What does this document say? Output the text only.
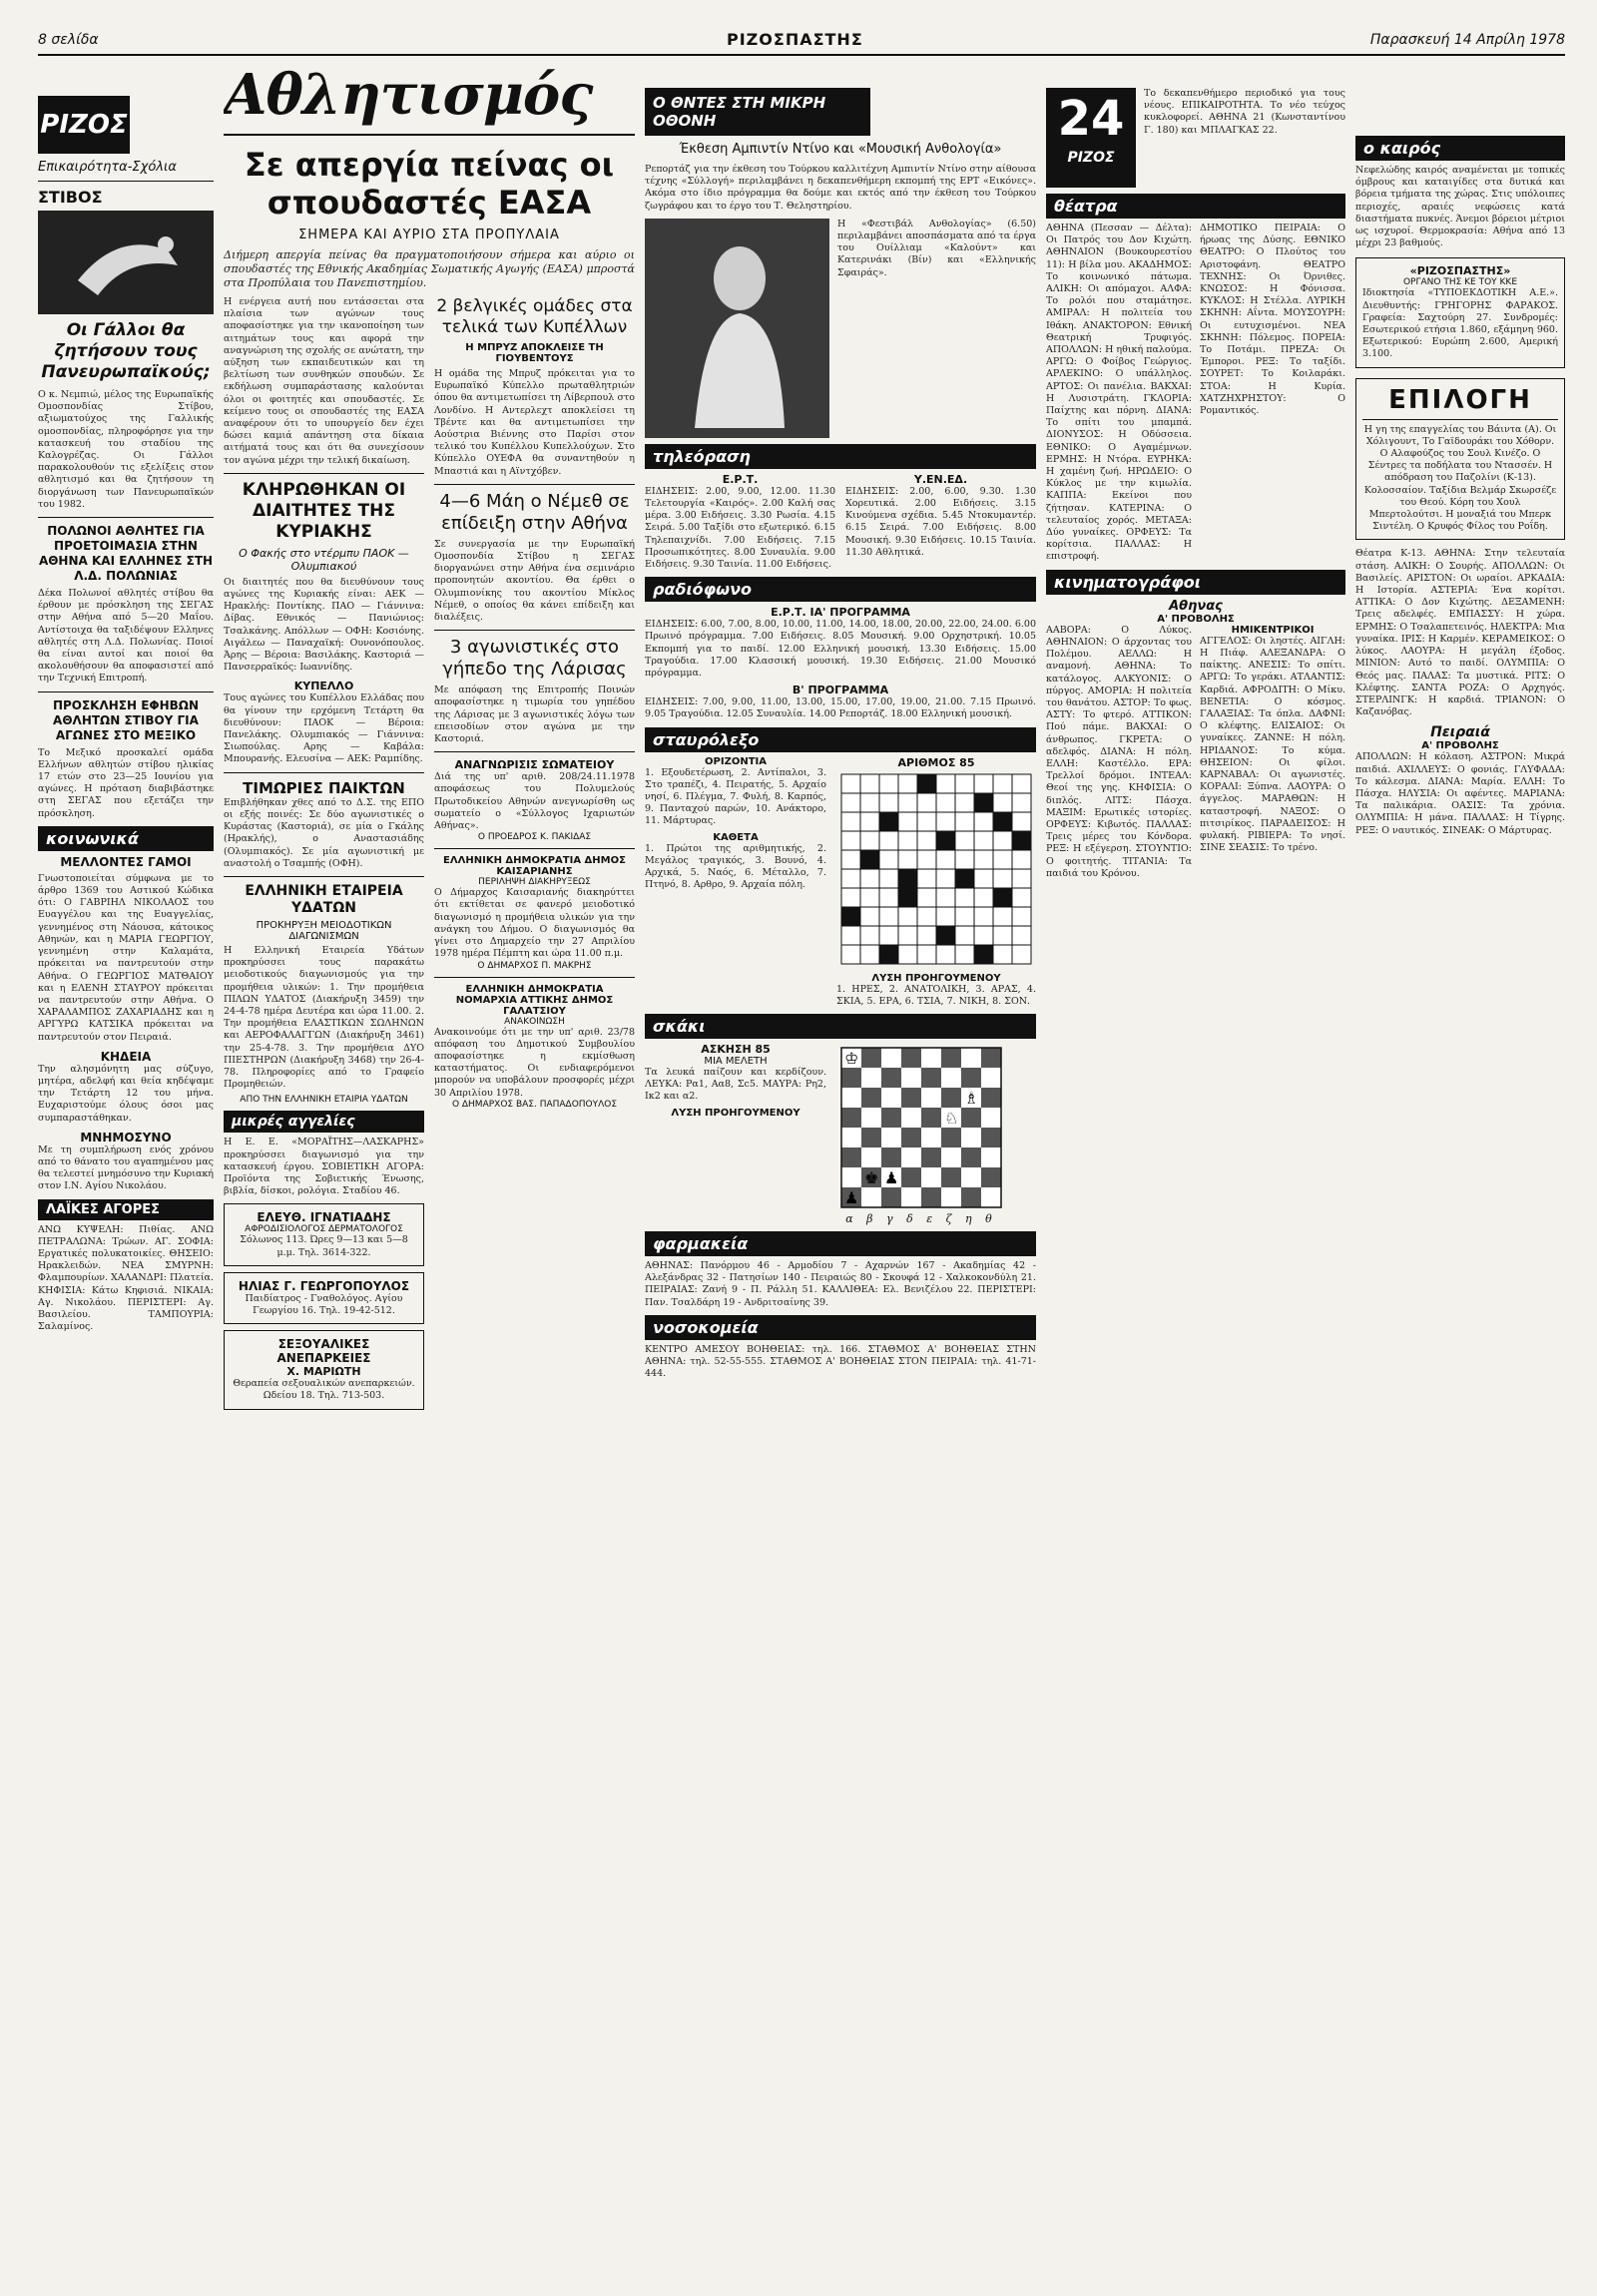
8 σελίδα	ΡΙΖΟΣΠΑΣΤΗΣ	Παρασκευή 14 Απρίλη 1978
ΡΙΖΟΣ
Επικαιρότητα-Σχόλια
ΣΤΙΒΟΣ
Οι Γάλλοι θα ζητήσουν τους Πανευρωπαϊκούς;
Ο κ. Νεμπιώ, μέλος της Ευρωπαϊκής Ομοσπονδίας Στίβου, αξιωματούχος της Γαλλικής ομοσπονδίας, πληροφόρησε για την κατασκευή του σταδίου της Καλογρέζας. Οι Γάλλοι παρακολουθούν τις εξελίξεις στον αθλητισμό και θα ζητήσουν τη διοργάνωση των Πανευρωπαϊκών του 1982.
ΠΟΛΩΝΟΙ ΑΘΛΗΤΕΣ ΓΙΑ ΠΡΟΕΤΟΙΜΑΣΙΑ ΣΤΗΝ ΑΘΗΝΑ ΚΑΙ ΕΛΛΗΝΕΣ ΣΤΗ Λ.Δ. ΠΟΛΩΝΙΑΣ
Δέκα Πολωνοί αθλητές στίβου θα έρθουν με πρόσκληση της ΣΕΓΑΣ στην Αθήνα από 5—20 Μαΐου. Αντίστοιχα θα ταξιδέψουν Ελληνες αθλητές στη Λ.Δ. Πολωνίας. Ποιοί θα είναι αυτοί και ποιοί θα ακολουθήσουν θα αποφασιστεί από την Τεχνική Επιτροπή.
ΠΡΟΣΚΛΗΣΗ ΕΦΗΒΩΝ ΑΘΛΗΤΩΝ ΣΤΙΒΟΥ ΓΙΑ ΑΓΩΝΕΣ ΣΤΟ ΜΕΞΙΚΟ
Το Μεξικό προσκαλεί ομάδα Ελλήνων αθλητών στίβου ηλικίας 17 ετών στο 23—25 Ιουνίου για αγώνες. Η πρόταση διαβιβάστηκε στη ΣΕΓΑΣ που εξετάζει την πρόσκληση.
κοινωνικά
ΜΕΛΛΟΝΤΕΣ ΓΑΜΟΙ
Γνωστοποιείται σύμφωνα με το άρθρο 1369 του Αστικού Κώδικα ότι: Ο ΓΑΒΡΙΗΛ ΝΙΚΟΛΑΟΣ του Ευαγγέλου και της Ευαγγελίας, γεννημένος στη Νάουσα, κάτοικος Αθηνών, και η ΜΑΡΙΑ ΓΕΩΡΓΙΟΥ, γεννημένη στην Καλαμάτα, πρόκειται να παντρευτούν στην Αθήνα. Ο ΓΕΩΡΓΙΟΣ ΜΑΤΘΑΙΟΥ και η ΕΛΕΝΗ ΣΤΑΥΡΟΥ πρόκειται να παντρευτούν στην Αθήνα. Ο ΧΑΡΑΛΑΜΠΟΣ ΖΑΧΑΡΙΑΔΗΣ και η ΑΡΓΥΡΩ ΚΑΤΣΙΚΑ πρόκειται να παντρευτούν στον Πειραιά.
ΚΗΔΕΙΑ
Την αλησμόνητη μας σύζυγο, μητέρα, αδελφή και θεία κηδέψαμε την Τετάρτη 12 του μήνα. Ευχαριστούμε όλους όσοι μας συμπαραστάθηκαν.
ΜΝΗΜΟΣΥΝΟ
Με τη συμπλήρωση ενός χρόνου από το θάνατο του αγαπημένου μας θα τελεστεί μνημόσυνο την Κυριακή στον Ι.Ν. Αγίου Νικολάου.
ΛΑΪΚΕΣ ΑΓΟΡΕΣ
ΑΝΩ ΚΥΨΕΛΗ: Πιθίας. ΑΝΩ ΠΕΤΡΑΛΩΝΑ: Τρώων. ΑΓ. ΣΟΦΙΑ: Εργατικές πολυκατοικίες. ΘΗΣΕΙΟ: Ηρακλειδών. ΝΕΑ ΣΜΥΡΝΗ: Φλαμπουρίων. ΧΑΛΑΝΔΡΙ: Πλατεία. ΚΗΦΙΣΙΑ: Κάτω Κηφισιά. ΝΙΚΑΙΑ: Αγ. Νικολάου. ΠΕΡΙΣΤΕΡΙ: Αγ. Βασιλείου. ΤΑΜΠΟΥΡΙΑ: Σαλαμίνος.
Αθλητισμός
Σε απεργία πείνας οι σπουδαστές ΕΑΣΑ
ΣΗΜΕΡΑ ΚΑΙ ΑΥΡΙΟ ΣΤΑ ΠΡΟΠΥΛΑΙΑ
Διήμερη απεργία πείνας θα πραγματοποιήσουν σήμερα και αύριο οι σπουδαστές της Εθνικής Ακαδημίας Σωματικής Αγωγής (ΕΑΣΑ) μπροστά στα Προπύλαια του Πανεπιστημίου.
Η ενέργεια αυτή που εντάσσεται στα πλαίσια των αγώνων τους αποφασίστηκε για την ικανοποίηση των αιτημάτων τους και αφορά την αναγνώριση της σχολής σε ανώτατη, την αύξηση των εκπαιδευτικών και τη βελτίωση των συνθηκών σπουδών. Σε εκδήλωση συμπαράστασης καλούνται όλοι οι φοιτητές και σπουδαστές. Σε κείμενο τους οι σπουδαστές της ΕΑΣΑ αναφέρουν ότι το υπουργείο δεν έχει δώσει καμιά απάντηση στα δίκαια αιτήματά τους και ότι θα συνεχίσουν τον αγώνα μέχρι την τελική δικαίωση.
ΚΛΗΡΩΘΗΚΑΝ ΟΙ ΔΙΑΙΤΗΤΕΣ ΤΗΣ ΚΥΡΙΑΚΗΣ
Ο Φακής στο ντέρμπυ ΠΑΟΚ — Ολυμπιακού
Οι διαιτητές που θα διευθύνουν τους αγώνες της Κυριακής είναι: ΑΕΚ — Ηρακλής: Ποντίκης. ΠΑΟ — Γιάννινα: Δίβας. Εθνικός — Πανιώνιος: Τσαλκάνης. Απόλλων — ΟΦΗ: Κοσιόνης. Αιγάλεω — Παναχαϊκή: Ουνονόπουλος. Άρης — Βέροια: Βασιλάκης. Καστοριά — Πανσερραϊκός: Ιωαννίδης.
ΚΥΠΕΛΛΟ
Τους αγώνες του Κυπέλλου Ελλάδας που θα γίνουν την ερχόμενη Τετάρτη θα διευθύνουν: ΠΑΟΚ — Βέροια: Πανελάκης. Ολυμπιακός — Γιάννινα: Σιωπούλας. Αρης — Καβάλα: Μπουρανής. Ελευσίνα — ΑΕΚ: Ραμπίδης.
ΤΙΜΩΡΙΕΣ ΠΑΙΚΤΩΝ
Επιβλήθηκαν χθες από το Δ.Σ. της ΕΠΟ οι εξής ποινές: Σε δύο αγωνιστικές ο Κυράστας (Καστοριά), σε μία ο Γκάλης (Ηρακλής), ο Αναστασιάδης (Ολυμπιακός). Σε μία αγωνιστική με αναστολή ο Τσαμπής (ΟΦΗ).
ΕΛΛΗΝΙΚΗ ΕΤΑΙΡΕΙΑ ΥΔΑΤΩΝ
ΠΡΟΚΗΡΥΞΗ ΜΕΙΟΔΟΤΙΚΩΝ ΔΙΑΓΩΝΙΣΜΩΝ
Η Ελληνική Εταιρεία Υδάτων προκηρύσσει τους παρακάτω μειοδοτικούς διαγωνισμούς για την προμήθεια υλικών: 1. Την προμήθεια ΠΙΛΩΝ ΥΔΑΤΟΣ (Διακήρυξη 3459) την 24-4-78 ημέρα Δευτέρα και ώρα 11.00. 2. Την προμήθεια ΕΛΑΣΤΙΚΩΝ ΣΩΛΗΝΩΝ και ΑΕΡΟΦΑΛΑΓΓΩΝ (Διακήρυξη 3461) την 25-4-78. 3. Την προμήθεια ΔΥΟ ΠΙΕΣΤΗΡΩΝ (Διακήρυξη 3468) την 26-4-78. Πληροφορίες από το Γραφείο Προμηθειών.
ΑΠΟ ΤΗΝ ΕΛΛΗΝΙΚΗ ΕΤΑΙΡΙΑ ΥΔΑΤΩΝ
μικρές αγγελίες
Η Ε. Ε. «ΜΟΡΑΪΤΗΣ—ΛΑΣΚΑΡΗΣ» προκηρύσσει διαγωνισμό για την κατασκευή έργου. ΣΟΒΙΕΤΙΚΗ ΑΓΟΡΑ: Προϊόντα της Σοβιετικής Ένωσης, βιβλία, δίσκοι, ρολόγια. Σταδίου 46.
ΕΛΕΥΘ. ΙΓΝΑΤΙΑΔΗΣ
ΑΦΡΟΔΙΣΙΟΛΟΓΟΣ ΔΕΡΜΑΤΟΛΟΓΟΣ
Σόλωνος 113. Ώρες 9—13 και 5—8 μ.μ. Τηλ. 3614-322.
ΗΛΙΑΣ Γ. ΓΕΩΡΓΟΠΟΥΛΟΣ
Παιδίατρος - Γναθολόγος. Αγίου Γεωργίου 16. Τηλ. 19-42-512.
ΣΕΞΟΥΑΛΙΚΕΣ ΑΝΕΠΑΡΚΕΙΕΣ
Χ. ΜΑΡΙΩΤΗ
Θεραπεία σεξουαλικών ανεπαρκειών. Ωδείου 18. Τηλ. 713-503.
2 βελγικές ομάδες στα τελικά των Κυπέλλων
Η ΜΠΡΥΖ ΑΠΟΚΛΕΙΣΕ ΤΗ ΓΙΟΥΒΕΝΤΟΥΣ
Η ομάδα της Μπρυζ πρόκειται για το Ευρωπαϊκό Κύπελλο πρωταθλητριών όπου θα αντιμετωπίσει τη Λίβερπουλ στο Λονδίνο. Η Αντερλεχτ αποκλείσει τη Τβέντε και θα αντιμετωπίσει την Αούστρια Βιέννης στο Παρίσι στον τελικό του Κυπέλλου Κυπελλούχων. Στο Κύπελλο ΟΥΕΦΑ θα συναντηθούν η Μπαστιά και η Αϊντχόβεν.
4—6 Μάη ο Νέμεθ σε επίδειξη στην Αθήνα
Σε συνεργασία με την Ευρωπαϊκή Ομοσπονδία Στίβου η ΣΕΓΑΣ διοργανώνει στην Αθήνα ένα σεμινάριο προπονητών ακοντίου. Θα έρθει ο Ολυμπιονίκης του ακοντίου Μίκλος Νέμεθ, ο οποίος θα κάνει επίδειξη και διαλέξεις.
3 αγωνιστικές στο γήπεδο της Λάρισας
Με απόφαση της Επιτροπής Ποινών αποφασίστηκε η τιμωρία του γηπέδου της Λάρισας με 3 αγωνιστικές λόγω των επεισοδίων στον αγώνα με την Καστοριά.
ΑΝΑΓΝΩΡΙΣΙΣ ΣΩΜΑΤΕΙΟΥ
Διά της υπ' αριθ. 208/24.11.1978 αποφάσεως του Πολυμελούς Πρωτοδικείου Αθηνών ανεγνωρίσθη ως σωματείο ο «Σύλλογος Ιχαριωτών Αθήνας».
Ο ΠΡΟΕΔΡΟΣ Κ. ΠΑΚΙΔΑΣ
ΕΛΛΗΝΙΚΗ ΔΗΜΟΚΡΑΤΙΑ ΔΗΜΟΣ ΚΑΙΣΑΡΙΑΝΗΣ
ΠΕΡΙΛΗΨΗ ΔΙΑΚΗΡΥΞΕΩΣ
Ο Δήμαρχος Καισαριανής διακηρύττει ότι εκτίθεται σε φανερό μειοδοτικό διαγωνισμό η προμήθεια υλικών για την ανάγκη του Δήμου. Ο διαγωνισμός θα γίνει στο Δημαρχείο την 27 Απριλίου 1978 ημέρα Πέμπτη και ώρα 11.00 π.μ.
Ο ΔΗΜΑΡΧΟΣ Π. ΜΑΚΡΗΣ
ΕΛΛΗΝΙΚΗ ΔΗΜΟΚΡΑΤΙΑ ΝΟΜΑΡΧΙΑ ΑΤΤΙΚΗΣ ΔΗΜΟΣ ΓΑΛΑΤΣΙΟΥ
ΑΝΑΚΟΙΝΩΣΗ
Ανακοινούμε ότι με την υπ' αριθ. 23/78 απόφαση του Δημοτικού Συμβουλίου αποφασίστηκε η εκμίσθωση καταστήματος. Οι ενδιαφερόμενοι μπορούν να υποβάλουν προσφορές μέχρι 30 Απριλίου 1978.
Ο ΔΗΜΑΡΧΟΣ ΒΑΣ. ΠΑΠΑΔΟΠΟΥΛΟΣ
Ο ΘΝΤΕΣ ΣΤΗ ΜΙΚΡΗ ΟΘΟΝΗ
Έκθεση Αμπιντίν Ντίνο και «Μουσική Ανθολογία»
Ρεπορτάζ για την έκθεση του Τούρκου καλλιτέχνη Αμπιντίν Ντίνο στην αίθουσα τέχνης «Σύλλογή» περιλαμβάνει η δεκαπενθήμερη εκπομπή της ΕΡΤ «Εικόνες». Ακόμα στο ίδιο πρόγραμμα θα δούμε και εκτός από την έκθεση του Τούρκου ζωγράφου και το έργο του Τ. Θεληστηρίου.
Η «Φεστιβάλ Ανθολογίας» (6.50) περιλαμβάνει αποσπάσματα από τα έργα του Ουίλλιαμ «Καλούντ» και Κατερινάκι (Βίν) και «Ελληνικής Σφαιράς».
τηλεόραση
Ε.Ρ.Τ.
ΕΙΔΗΣΕΙΣ: 2.00, 9.00, 12.00. 11.30 Τελετουργία «Καιρός». 2.00 Καλή σας μέρα. 3.00 Ειδήσεις. 3.30 Ρωσία. 4.15 Σειρά. 5.00 Ταξίδι στο εξωτερικό. 6.15 Τηλεπαιχνίδι. 7.00 Ειδήσεις. 7.15 Προσωπικότητες. 8.00 Συναυλία. 9.00 Ειδήσεις. 9.30 Ταινία. 11.00 Ειδήσεις.
Υ.ΕΝ.ΕΔ.
ΕΙΔΗΣΕΙΣ: 2.00, 6.00, 9.30. 1.30 Χορευτικά. 2.00 Ειδήσεις. 3.15 Κινούμενα σχέδια. 5.45 Ντοκυμαντέρ. 6.15 Σειρά. 7.00 Ειδήσεις. 8.00 Μουσική. 9.30 Ειδήσεις. 10.15 Ταινία. 11.30 Αθλητικά.
ραδιόφωνο
Ε.Ρ.Τ. ΙΑ' ΠΡΟΓΡΑΜΜΑ
ΕΙΔΗΣΕΙΣ: 6.00, 7.00, 8.00, 10.00, 11.00, 14.00, 18.00, 20.00, 22.00, 24.00. 6.00 Πρωινό πρόγραμμα. 7.00 Ειδήσεις. 8.05 Μουσική. 9.00 Ορχηστρική. 10.05 Εκπομπή για το παιδί. 12.00 Ελληνική μουσική. 13.30 Ειδήσεις. 15.00 Τραγούδια. 17.00 Κλασσική μουσική. 19.30 Ειδήσεις. 21.00 Μουσικό πρόγραμμα.
Β' ΠΡΟΓΡΑΜΜΑ
ΕΙΔΗΣΕΙΣ: 7.00, 9.00, 11.00, 13.00, 15.00, 17.00, 19.00, 21.00. 7.15 Πρωινό. 9.05 Τραγούδια. 12.05 Συναυλία. 14.00 Ρεπορτάζ. 18.00 Ελληνική μουσική.
σταυρόλεξο
ΟΡΙΖΟΝΤΙΑ
1. Εξουδετέρωση, 2. Αντίπαλοι, 3. Στο τραπέζι, 4. Πειρατής, 5. Αρχαίο νησί, 6. Πλέγμα, 7. Φυλή, 8. Καρπός, 9. Πανταχού παρών, 10. Ανάκτορο, 11. Μάρτυρας.
ΚΑΘΕΤΑ
1. Πρώτοι της αριθμητικής, 2. Μεγάλος τραγικός, 3. Βουνό, 4. Αρχικά, 5. Ναός, 6. Μέταλλο, 7. Πτηνό, 8. Αρθρο, 9. Αρχαία πόλη.
ΑΡΙΘΜΟΣ 85
ΛΥΣΗ ΠΡΟΗΓΟΥΜΕΝΟΥ
1. ΗΡΕΣ, 2. ΑΝΑΤΟΛΙΚΗ, 3. ΑΡΑΣ, 4. ΣΚΙΑ, 5. ΕΡΑ, 6. ΤΣΙΑ, 7. ΝΙΚΗ, 8. ΣΟΝ.
σκάκι
ΑΣΚΗΣΗ 85
ΜΙΑ ΜΕΛΕΤΗ
Τα λευκά παίζουν και κερδίζουν. ΛΕΥΚΑ: Ρα1, Αα8, Σc5. ΜΑΥΡΑ: Ρη2, Ικ2 και α2.
ΛΥΣΗ ΠΡΟΗΓΟΥΜΕΝΟΥ
♔
♗
♘
♚ ♟
♟
α β γ δ ε ζ η θ
φαρμακεία
ΑΘΗΝΑΣ: Πανόρμου 46 - Αρμοδίου 7 - Αχαρνών 167 - Ακαδημίας 42 - Αλεξάνδρας 32 - Πατησίων 140 - Πειραιώς 80 - Σκουφά 12 - Χαλκοκονδύλη 21. ΠΕΙΡΑΙΑΣ: Ζανή 9 - Π. Ράλλη 51. ΚΑΛΛΙΘΕΑ: Ελ. Βενιζέλου 22. ΠΕΡΙΣΤΕΡΙ: Παν. Τσαλδάρη 19 - Ανδριτσαίνης 39.
νοσοκομεία
ΚΕΝΤΡΟ ΑΜΕΣΟΥ ΒΟΗΘΕΙΑΣ: τηλ. 166. ΣΤΑΘΜΟΣ Α' ΒΟΗΘΕΙΑΣ ΣΤΗΝ ΑΘΗΝΑ: τηλ. 52-55-555. ΣΤΑΘΜΟΣ Α' ΒΟΗΘΕΙΑΣ ΣΤΟΝ ΠΕΙΡΑΙΑ: τηλ. 41-71-444.
24
ΡΙΖΟΣ
Το δεκαπενθήμερο περιοδικό για τους νέους. ΕΠΙΚΑΙΡΟΤΗΤΑ. Το νέο τεύχος κυκλοφορεί. ΑΘΗΝΑ 21 (Κωνσταντίνου Γ. 180) και ΜΠΛΑΓΚΑΣ 22.
θέατρα
ΑΘΗΝΑ (Πεσσαν — Δέλτα): Οι Πατρός του Δον Κιχώτη. ΑΘΗΝΑΙΟΝ (Βουκουρεστίου 11): Η βίλα μου. ΑΚΑΔΗΜΟΣ: Το κοινωνικό πάτωμα. ΑΛΙΚΗ: Οι απόμαχοι. ΑΛΦΑ: Το ρολόι που σταμάτησε. ΑΜΙΡΑΛ: Η πολιτεία του Ιθάκη. ΑΝΑΚΤΟΡΟΝ: Εθνική Θεατρική Τρυφιγός. ΑΠΟΛΛΩΝ: Η ηθική παλούμα. ΑΡΓΩ: Ο Φοίβος Γεώργιος. ΑΡΛΕΚΙΝΟ: Ο υπάλληλος. ΑΡΤΟΣ: Οι πανέλια. ΒΑΚΧΑΙ: Η Λυσιστράτη. ΓΚΛΟΡΙΑ: Παίχτης και πόρνη. ΔΙΑΝΑ: Το σπίτι του μπαμπά. ΔΙΟΝΥΣΟΣ: Η Οδύσσεια. ΕΘΝΙΚΟ: Ο Αγαμέμνων. ΕΡΜΗΣ: Η Ντόρα. ΕΥΡΗΚΑ: Η χαμένη ζωή. ΗΡΩΔΕΙΟ: Ο Κύκλος με την κιμωλία. ΚΑΠΠΑ: Εκείνοι που ζήτησαν. ΚΑΤΕΡΙΝΑ: Ο τελευταίος χορός. ΜΕΤΑΞΑ: Δύο γυναίκες. ΟΡΦΕΥΣ: Τα κορίτσια. ΠΑΛΛΑΣ: Η επιστροφή.
ΔΗΜΟΤΙΚΟ ΠΕΙΡΑΙΑ: Ο ήρωας της Δύσης. ΕΘΝΙΚΟ ΘΕΑΤΡΟ: Ο Πλούτος του Αριστοφάνη. ΘΕΑΤΡΟ ΤΕΧΝΗΣ: Οι Όρνιθες. ΚΝΩΣΟΣ: Η Φόνισσα. ΚΥΚΛΟΣ: Η Στέλλα. ΛΥΡΙΚΗ ΣΚΗΝΗ: Αΐντα. ΜΟΥΣΟΥΡΗ: Οι ευτυχισμένοι. ΝΕΑ ΣΚΗΝΗ: Πόλεμος. ΠΟΡΕΙΑ: Το Ποτάμι. ΠΡΕΖΑ: Οι Έμποροι. ΡΕΞ: Το ταξίδι. ΣΟΥΡΕΤ: Το Κοιλαράκι. ΣΤΟΑ: Η Κυρία. ΧΑΤΖΗΧΡΗΣΤΟΥ: Ο Ρομαντικός.
κινηματογράφοι
Αθηνας
Α' ΠΡΟΒΟΛΗΣ
ΑΑΒΟΡΑ: Ο Λύκος. ΑΘΗΝΑΙΟΝ: Ο άρχοντας του Πολέμου. ΑΕΛΛΩ: Η αναμονή. ΑΘΗΝΑ: Το κατάλογος. ΑΛΚΥΟΝΙΣ: Ο πύργος. ΑΜΟΡΙΑ: Η πολιτεία του θανάτου. ΑΣΤΟΡ: Το φως. ΑΣΤΥ: Το φτερό. ΑΤΤΙΚΟΝ: Πού πάμε. ΒΑΚΧΑΙ: Ο άνθρωπος. ΓΚΡΕΤΑ: Ο αδελφός. ΔΙΑΝΑ: Η πόλη. ΕΛΛΗ: Καστέλλο. ΕΡΑ: Τρελλοί δρόμοι. ΙΝΤΕΑΛ: Θεοί της γης. ΚΗΦΙΣΙΑ: Ο διπλός. ΛΙΤΣ: Πάσχα. ΜΑΞΙΜ: Ερωτικές ιστορίες. ΟΡΦΕΥΣ: Κιβωτός. ΠΑΛΛΑΣ: Τρεις μέρες του Κόνδορα. ΡΕΞ: Η εξέγερση. ΣΤΟΥΝΤΙΟ: Ο φοιτητής. ΤΙΤΑΝΙΑ: Τα παιδιά του Κρόνου.
ΗΜΙΚΕΝΤΡΙΚΟΙ
ΑΓΓΕΛΟΣ: Οι ληστές. ΑΙΓΛΗ: Η Πιάφ. ΑΛΕΞΑΝΔΡΑ: Ο παίκτης. ΑΝΕΣΙΣ: Το σπίτι. ΑΡΓΩ: Το γεράκι. ΑΤΛΑΝΤΙΣ: Καρδιά. ΑΦΡΟΔΙΤΗ: Ο Μίκυ. ΒΕΝΕΤΙΑ: Ο κόσμος. ΓΑΛΑΞΙΑΣ: Τα όπλα. ΔΑΦΝΙ: Ο κλέφτης. ΕΛΙΣΑΙΟΣ: Οι γυναίκες. ΖΑΝΝΕ: Η πόλη. ΗΡΙΔΑΝΟΣ: Το κύμα. ΘΗΣΕΙΟΝ: Οι φίλοι. ΚΑΡΝΑΒΑΛ: Οι αγωνιστές. ΚΟΡΑΛΙ: Ξύπνα. ΛΑΟΥΡΑ: Ο άγγελος. ΜΑΡΑΘΩΝ: Η καταστροφή. ΝΑΞΟΣ: Ο πιτσιρίκος. ΠΑΡΑΔΕΙΣΟΣ: Η φυλακή. ΡΙΒΙΕΡΑ: Το νησί. ΣΙΝΕ ΣΕΑΣΙΣ: Το τρένο.
ο καιρός
Νεφελώδης καιρός αναμένεται με τοπικές όμβρους και καταιγίδες στα δυτικά και βόρεια τμήματα της χώρας. Στις υπόλοιπες περιοχές, αραιές νεφώσεις κατά διαστήματα πυκνές. Άνεμοι βόρειοι μέτριοι ως ισχυροί. Θερμοκρασία: Αθήνα από 13 μέχρι 23 βαθμούς.
«ΡΙΖΟΣΠΑΣΤΗΣ»
ΟΡΓΑΝΟ ΤΗΣ ΚΕ ΤΟΥ ΚΚΕ
Ιδιοκτησία «ΤΥΠΟΕΚΔΟΤΙΚΗ Α.Ε.». Διευθυντής: ΓΡΗΓΟΡΗΣ ΦΑΡΑΚΟΣ. Γραφεία: Σαχτούρη 27. Συνδρομές: Εσωτερικού ετήσια 1.860, εξάμηνη 960. Εξωτερικού: Ευρώπη 2.600, Αμερική 3.100.
ΕΠΙΛΟΓΗ
Η γη της επαγγελίας του Βάιντα (Α). Οι Χόλιγουντ, Το Γαϊδουράκι του Χόθορν. Ο Αλαφούζος του Σουλ Κινέζο. Ο Σέντρες τα ποδήλατα του Ντασσέν. Η απόδραση του Παζολίνι (Κ-13). Κολοσσαίον. Ταξίδια Βελμάρ Σκωρσέζε του Θεού. Κόρη του Χουλ Μπερτολούτσι. Η μοναξιά του Μπερκ Σιντέλη. Ο Κρυφός Φίλος του Ροΐδη.
Θέατρα Κ-13. ΑΘΗΝΑ: Στην τελευταία στάση. ΑΛΙΚΗ: Ο Σουρής. ΑΠΟΛΛΩΝ: Οι Βασιλείς. ΑΡΙΣΤΟΝ: Οι ωραίοι. ΑΡΚΑΔΙΑ: Η Ιστορία. ΑΣΤΕΡΙΑ: Ένα κορίτσι. ΑΤΤΙΚΑ: Ο Δον Κιχώτης. ΔΕΞΑΜΕΝΗ: Τρεις αδελφές. ΕΜΠΑΣΣΥ: Η χώρα. ΕΡΜΗΣ: Ο Τσαλαπετεινός. ΗΛΕΚΤΡΑ: Μια γυναίκα. ΙΡΙΣ: Η Καρμέν. ΚΕΡΑΜΕΙΚΟΣ: Ο λύκος. ΛΑΟΥΡΑ: Η μεγάλη έξοδος. ΜΙΝΙΟΝ: Αυτό το παιδί. ΟΛΥΜΠΙΑ: Ο Θεός μας. ΠΑΛΑΣ: Τα μυστικά. ΡΙΤΣ: Ο Κλέφτης. ΣΑΝΤΑ ΡΟΖΑ: Ο Αρχηγός. ΣΤΕΡΛΙΝΓΚ: Η καρδιά. ΤΡΙΑΝΟΝ: Ο Καζανόβας.
Πειραιά
Α' ΠΡΟΒΟΛΗΣ
ΑΠΟΛΛΩΝ: Η κόλαση. ΑΣΤΡΟΝ: Μικρά παιδιά. ΑΧΙΛΛΕΥΣ: Ο φονιάς. ΓΛΥΦΑΔΑ: Το κάλεσμα. ΔΙΑΝΑ: Μαρία. ΕΛΛΗ: Το Πάσχα. ΗΛΥΣΙΑ: Οι αφέντες. ΜΑΡΙΑΝΑ: Τα παλικάρια. ΟΑΣΙΣ: Τα χρόνια. ΟΛΥΜΠΙΑ: Η μάνα. ΠΑΛΛΑΣ: Η Τίγρης. ΡΕΞ: Ο ναυτικός. ΣΙΝΕΑΚ: Ο Μάρτυρας.
